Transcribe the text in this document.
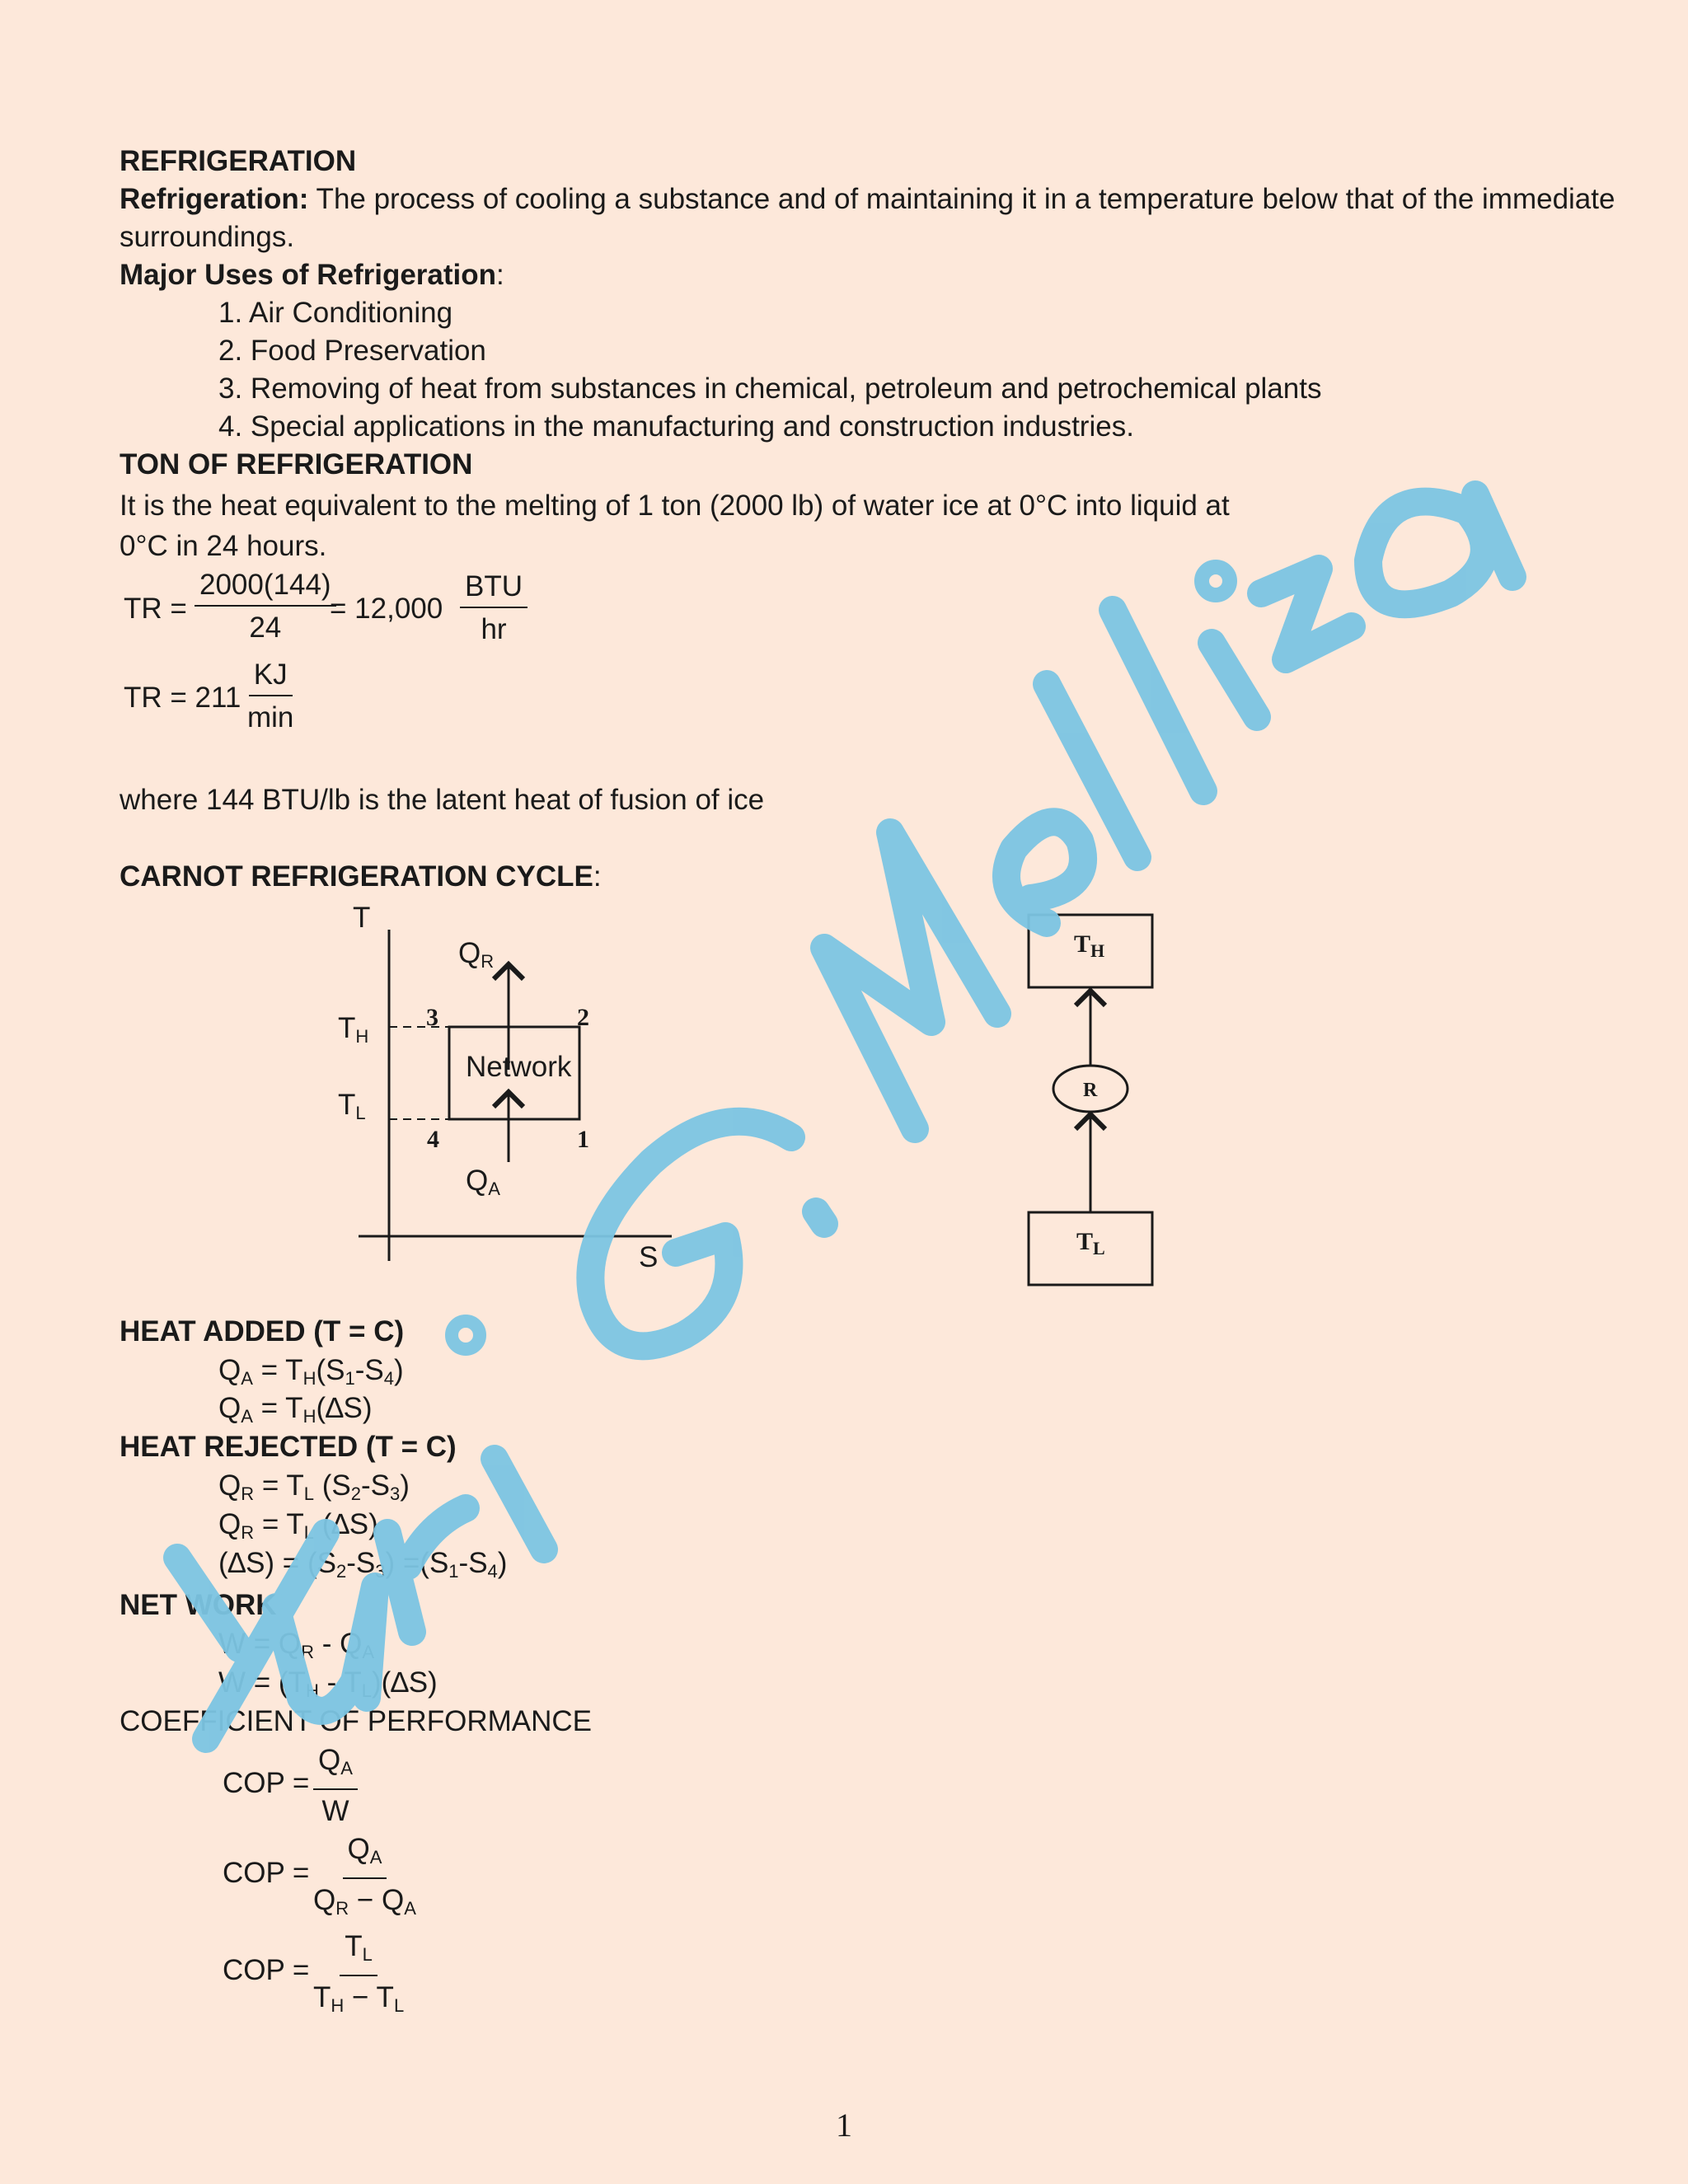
REFRIGERATION
Refrigeration: The process of cooling a substance and of maintaining it in a temperature below that of the immediate
surroundings.
Major Uses of Refrigeration:
1. Air Conditioning
2. Food Preservation
3. Removing of heat from substances in chemical, petroleum and petrochemical plants
4. Special applications in the manufacturing and construction industries.
TON OF REFRIGERATION
It is the heat equivalent to the melting of 1 ton (2000 lb) of water ice at 0°C into liquid at
0°C in 24 hours.
TR = $\frac{2000(144)}{24}$
= 12,000
BTU
hr
TR = 211
KJ
min
where 144 BTU/lb is the latent heat of fusion of ice
CARNOT REFRIGERATION CYCLE:
T
S
$T_H$
$T_L$
$Q_R$
$Q_A$
Network
3	2
4	1
$T_H$
R
$T_L$
HEAT ADDED (T = C)
$Q_A = T_H(S_1-S_4)$
$Q_A = T_H(\Delta S)$
HEAT REJECTED (T = C)
$Q_R = T_L$ $(S_2-S_3)$
$Q_R = T_L$ (∆S)
$(\Delta S) = (S_2-S_3) =(S_1-S_4)$
NET WORK
$W = Q_R - Q_A$
$W = (T_H - T_L)(\Delta S)$
COEFFICIENT OF PERFORMANCE
COP = $\frac{Q_A}{W}$
COP = $\frac{Q_A}{Q_R - Q_A}$
COP = $\frac{T_L}{T_H - T_L}$
1
